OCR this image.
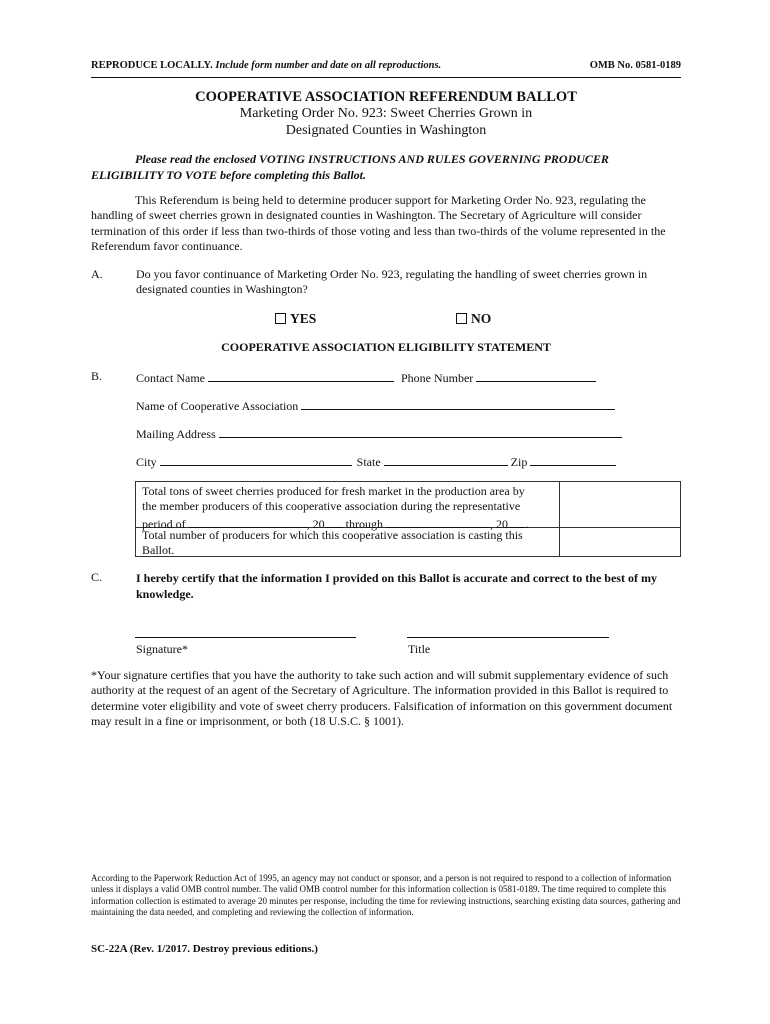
REPRODUCE LOCALLY. Include form number and date on all reproductions.	OMB No. 0581-0189
COOPERATIVE ASSOCIATION REFERENDUM BALLOT
Marketing Order No. 923: Sweet Cherries Grown in
Designated Counties in Washington
Please read the enclosed VOTING INSTRUCTIONS AND RULES GOVERNING PRODUCER ELIGIBILITY TO VOTE before completing this Ballot.
This Referendum is being held to determine producer support for Marketing Order No. 923, regulating the handling of sweet cherries grown in designated counties in Washington. The Secretary of Agriculture will consider termination of this order if less than two-thirds of those voting and less than two-thirds of the volume represented in the Referendum favor continuance.
A.	Do you favor continuance of Marketing Order No. 923, regulating the handling of sweet cherries grown in designated counties in Washington?
YES	NO
COOPERATIVE ASSOCIATION ELIGIBILITY STATEMENT
B.	Contact Name	Phone Number
Name of Cooperative Association
Mailing Address
City	State	Zip
Total tons of sweet cherries produced for fresh market in the production area by
the member producers of this cooperative association during the representative
period of	, 20 through	, 20 .
Total number of producers for which this cooperative association is casting this
Ballot.
C.	I hereby certify that the information I provided on this Ballot is accurate and correct to the best of my knowledge.
Signature*	Title
*Your signature certifies that you have the authority to take such action and will submit supplementary evidence of such authority at the request of an agent of the Secretary of Agriculture. The information provided in this Ballot is required to determine voter eligibility and vote of sweet cherry producers. Falsification of information on this government document may result in a fine or imprisonment, or both (18 U.S.C. § 1001).
According to the Paperwork Reduction Act of 1995, an agency may not conduct or sponsor, and a person is not required to respond to a collection of information unless it displays a valid OMB control number. The valid OMB control number for this information collection is 0581-0189. The time required to complete this information collection is estimated to average 20 minutes per response, including the time for reviewing instructions, searching existing data sources, gathering and maintaining the data needed, and completing and reviewing the collection of information.
SC-22A (Rev. 1/2017. Destroy previous editions.)
